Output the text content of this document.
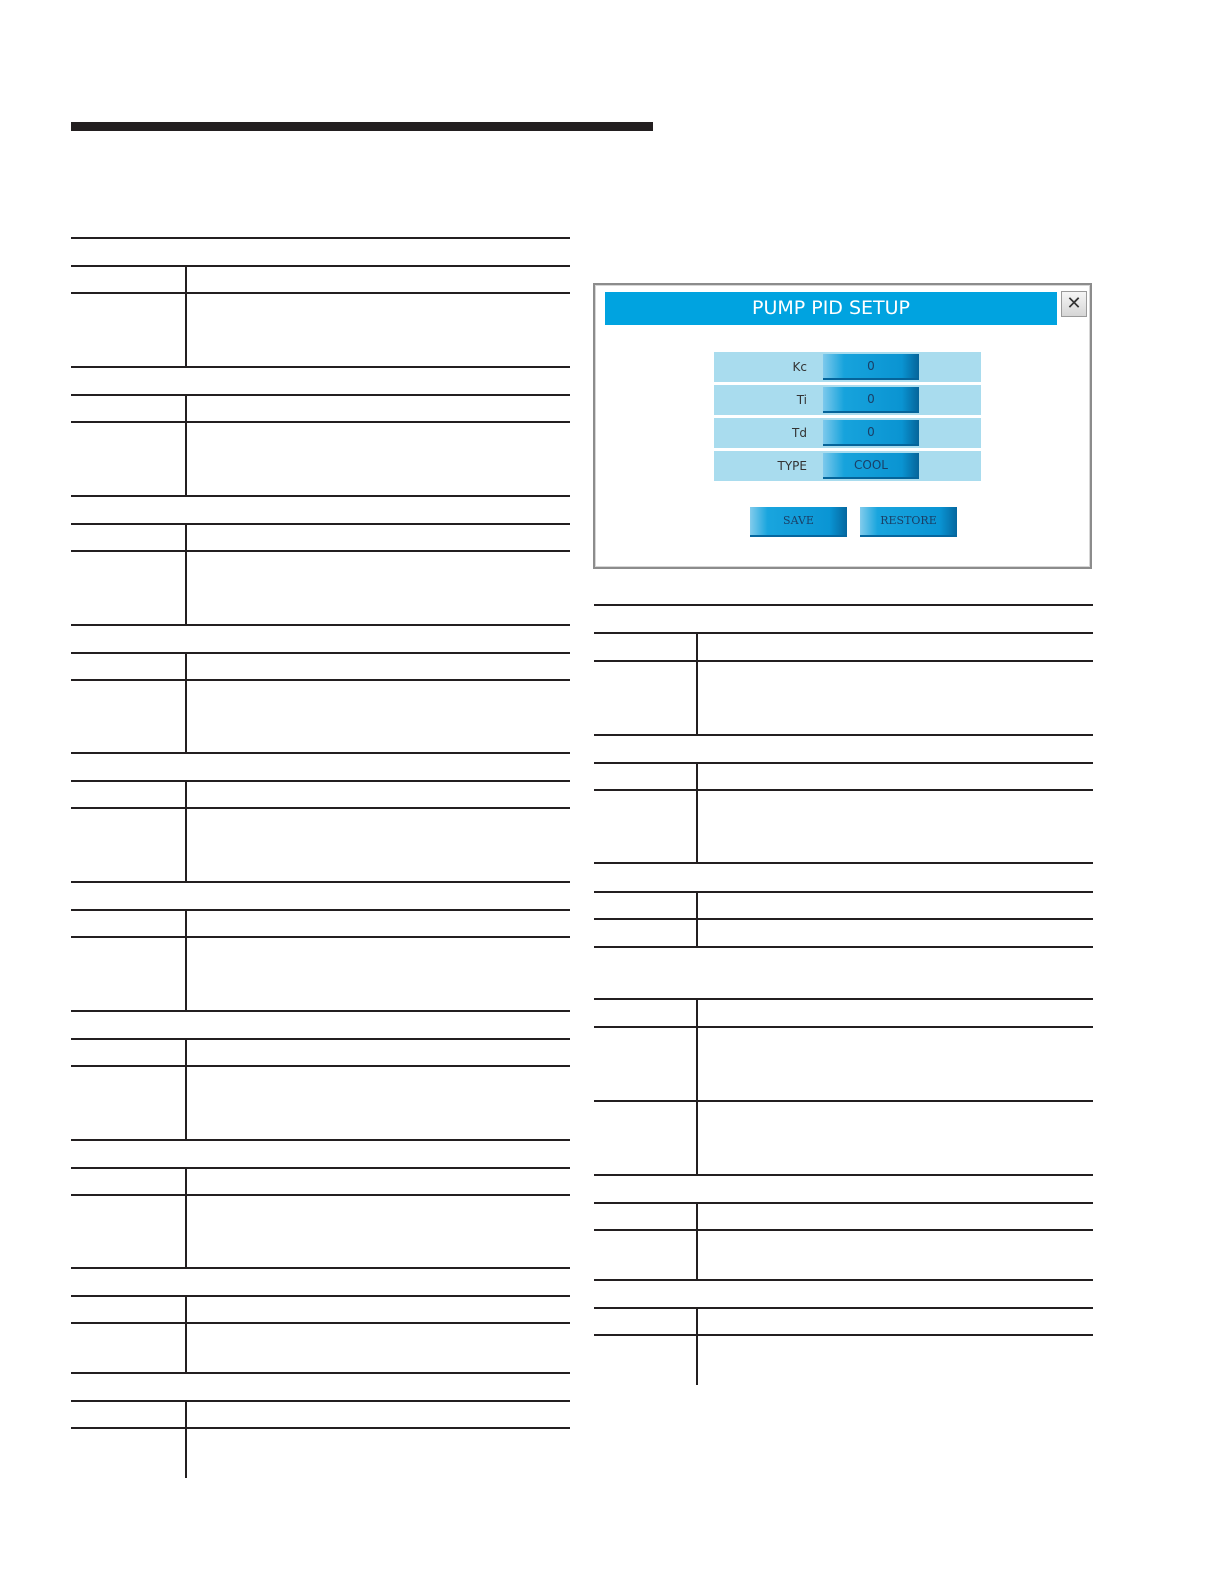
PUMP PID SETUP	✕
Kc	0
Ti	0
Td	0
TYPE	COOL
SAVE	RESTORE
